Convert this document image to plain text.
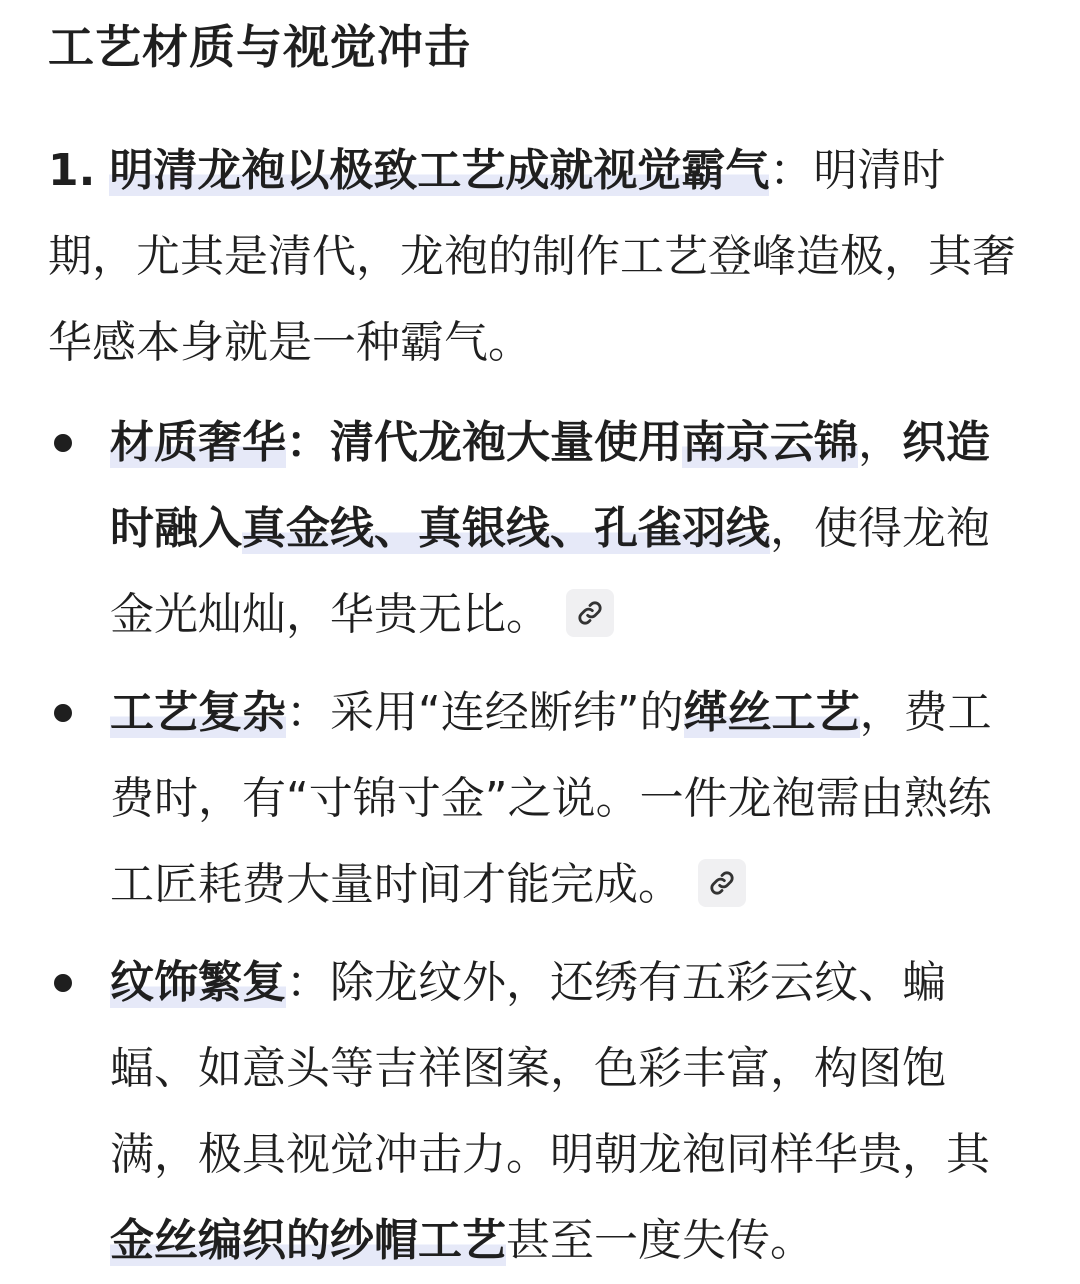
工艺材质与视觉冲击
1. 明清龙袍以极致工艺成就视觉霸气：明清时期，尤其是清代，龙袍的制作工艺登峰造极，其奢华感本身就是一种霸气。
材质奢华：清代龙袍大量使用南京云锦，织造时融入真金线、真银线、孔雀羽线，使得龙袍金光灿灿，华贵无比。
工艺复杂：采用“连经断纬”的缂丝工艺，费工费时，有“寸锦寸金”之说。一件龙袍需由熟练工匠耗费大量时间才能完成。
纹饰繁复：除龙纹外，还绣有五彩云纹、蝙蝠、如意头等吉祥图案，色彩丰富，构图饱满，极具视觉冲击力。明朝龙袍同样华贵，其金丝编织的纱帽工艺甚至一度失传。
